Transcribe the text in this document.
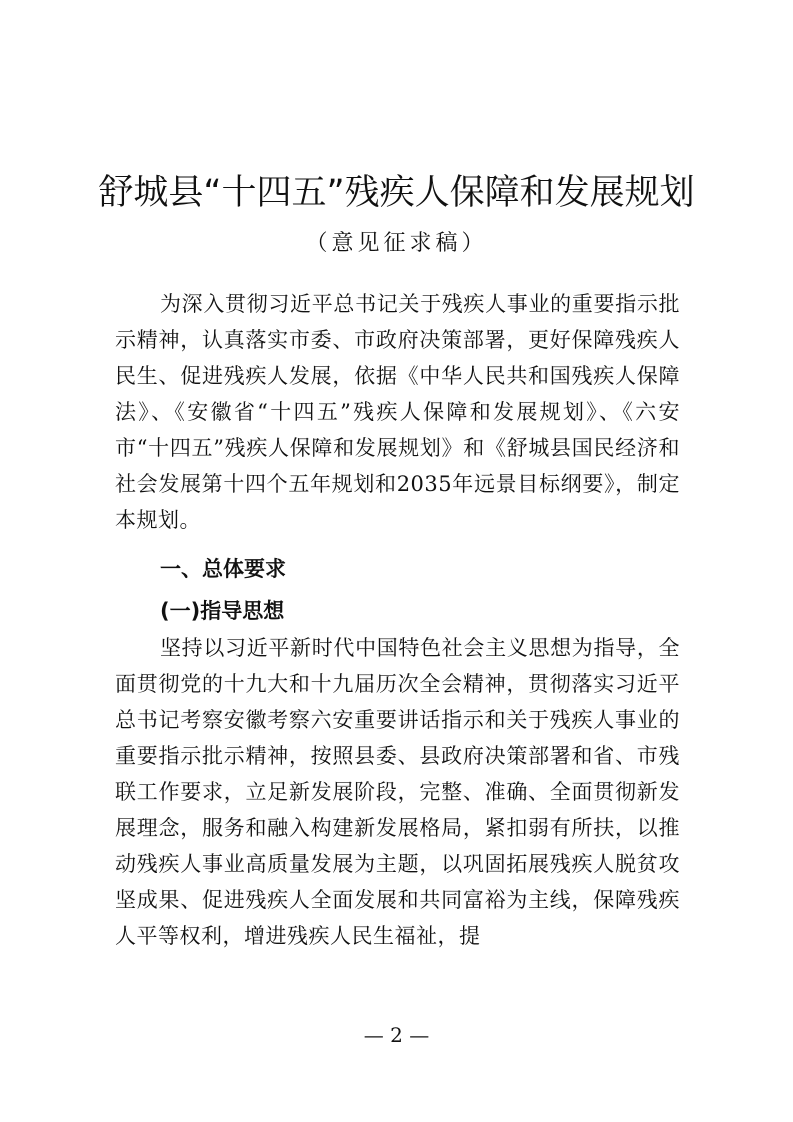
舒城县“十四五”残疾人保障和发展规划
（意见征求稿）

为深入贯彻习近平总书记关于残疾人事业的重要指示批示精神，认真落实市委、市政府决策部署，更好保障残疾人民生、促进残疾人发展，依据《中华人民共和国残疾人保障法》、《安徽省“十四五”残疾人保障和发展规划》、《六安市“十四五”残疾人保障和发展规划》和《舒城县国民经济和社会发展第十四个五年规划和2035年远景目标纲要》，制定本规划。

一、总体要求

(一)指导思想

坚持以习近平新时代中国特色社会主义思想为指导，全面贯彻党的十九大和十九届历次全会精神，贯彻落实习近平总书记考察安徽考察六安重要讲话指示和关于残疾人事业的重要指示批示精神，按照县委、县政府决策部署和省、市残联工作要求，立足新发展阶段，完整、准确、全面贯彻新发展理念，服务和融入构建新发展格局，紧扣弱有所扶，以推动残疾人事业高质量发展为主题，以巩固拓展残疾人脱贫攻坚成果、促进残疾人全面发展和共同富裕为主线，保障残疾人平等权利，增进残疾人民生福祉，提

— 2 —
